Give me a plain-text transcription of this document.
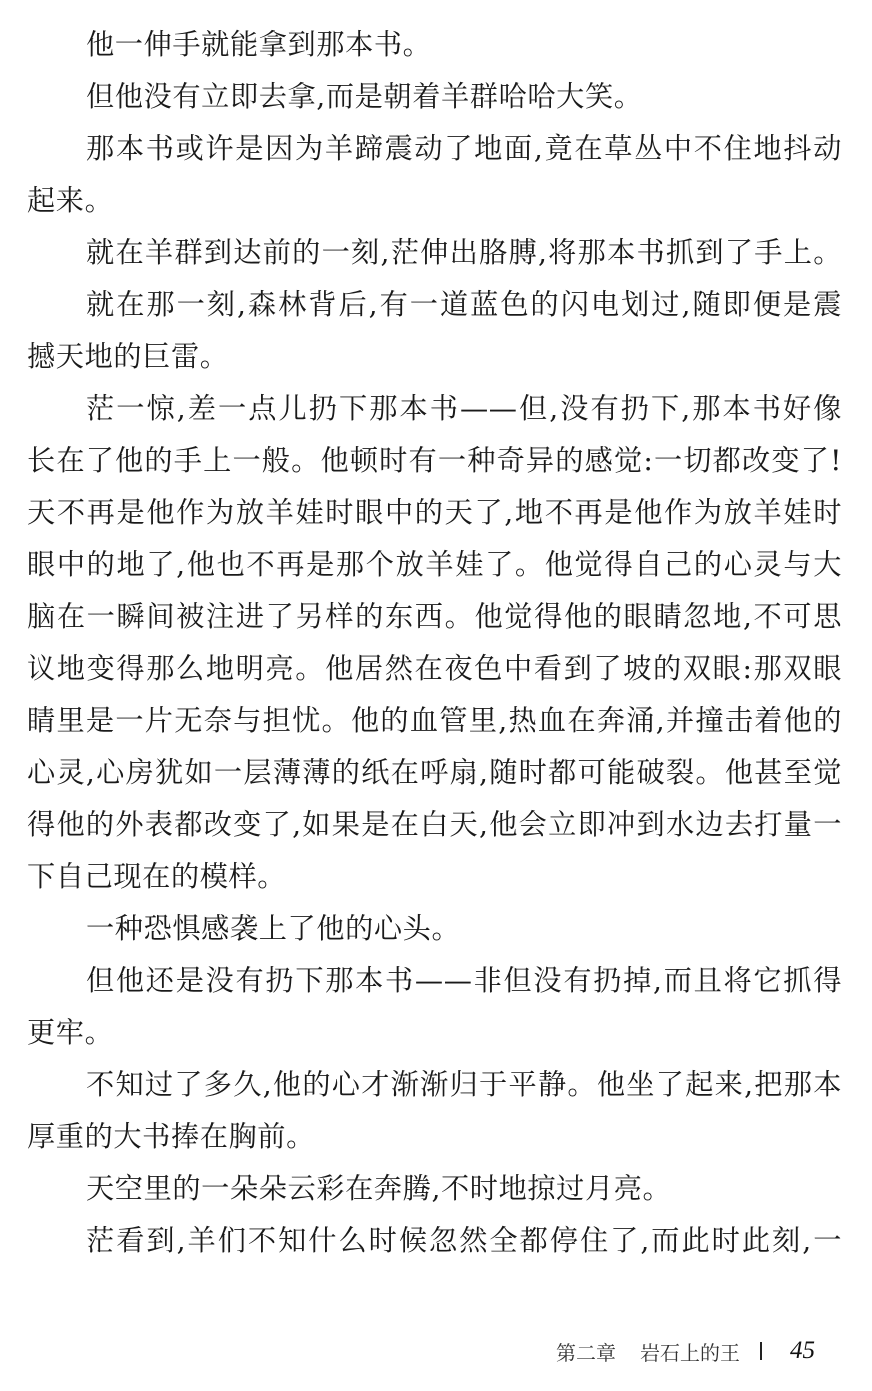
他一伸手就能拿到那本书。
但他没有立即去拿,而是朝着羊群哈哈大笑。
那本书或许是因为羊蹄震动了地面,竟在草丛中不住地抖动
起来。
就在羊群到达前的一刻,茫伸出胳膊,将那本书抓到了手上。
就在那一刻,森林背后,有一道蓝色的闪电划过,随即便是震
撼天地的巨雷。
茫一惊,差一点儿扔下那本书——但,没有扔下,那本书好像
长在了他的手上一般。他顿时有一种奇异的感觉:一切都改变了!
天不再是他作为放羊娃时眼中的天了,地不再是他作为放羊娃时
眼中的地了,他也不再是那个放羊娃了。他觉得自己的心灵与大
脑在一瞬间被注进了另样的东西。他觉得他的眼睛忽地,不可思
议地变得那么地明亮。他居然在夜色中看到了坡的双眼:那双眼
睛里是一片无奈与担忧。他的血管里,热血在奔涌,并撞击着他的
心灵,心房犹如一层薄薄的纸在呼扇,随时都可能破裂。他甚至觉
得他的外表都改变了,如果是在白天,他会立即冲到水边去打量一
下自己现在的模样。
一种恐惧感袭上了他的心头。
但他还是没有扔下那本书——非但没有扔掉,而且将它抓得
更牢。
不知过了多久,他的心才渐渐归于平静。他坐了起来,把那本
厚重的大书捧在胸前。
天空里的一朵朵云彩在奔腾,不时地掠过月亮。
茫看到,羊们不知什么时候忽然全都停住了,而此时此刻,一
第二章 岩石上的王 45
